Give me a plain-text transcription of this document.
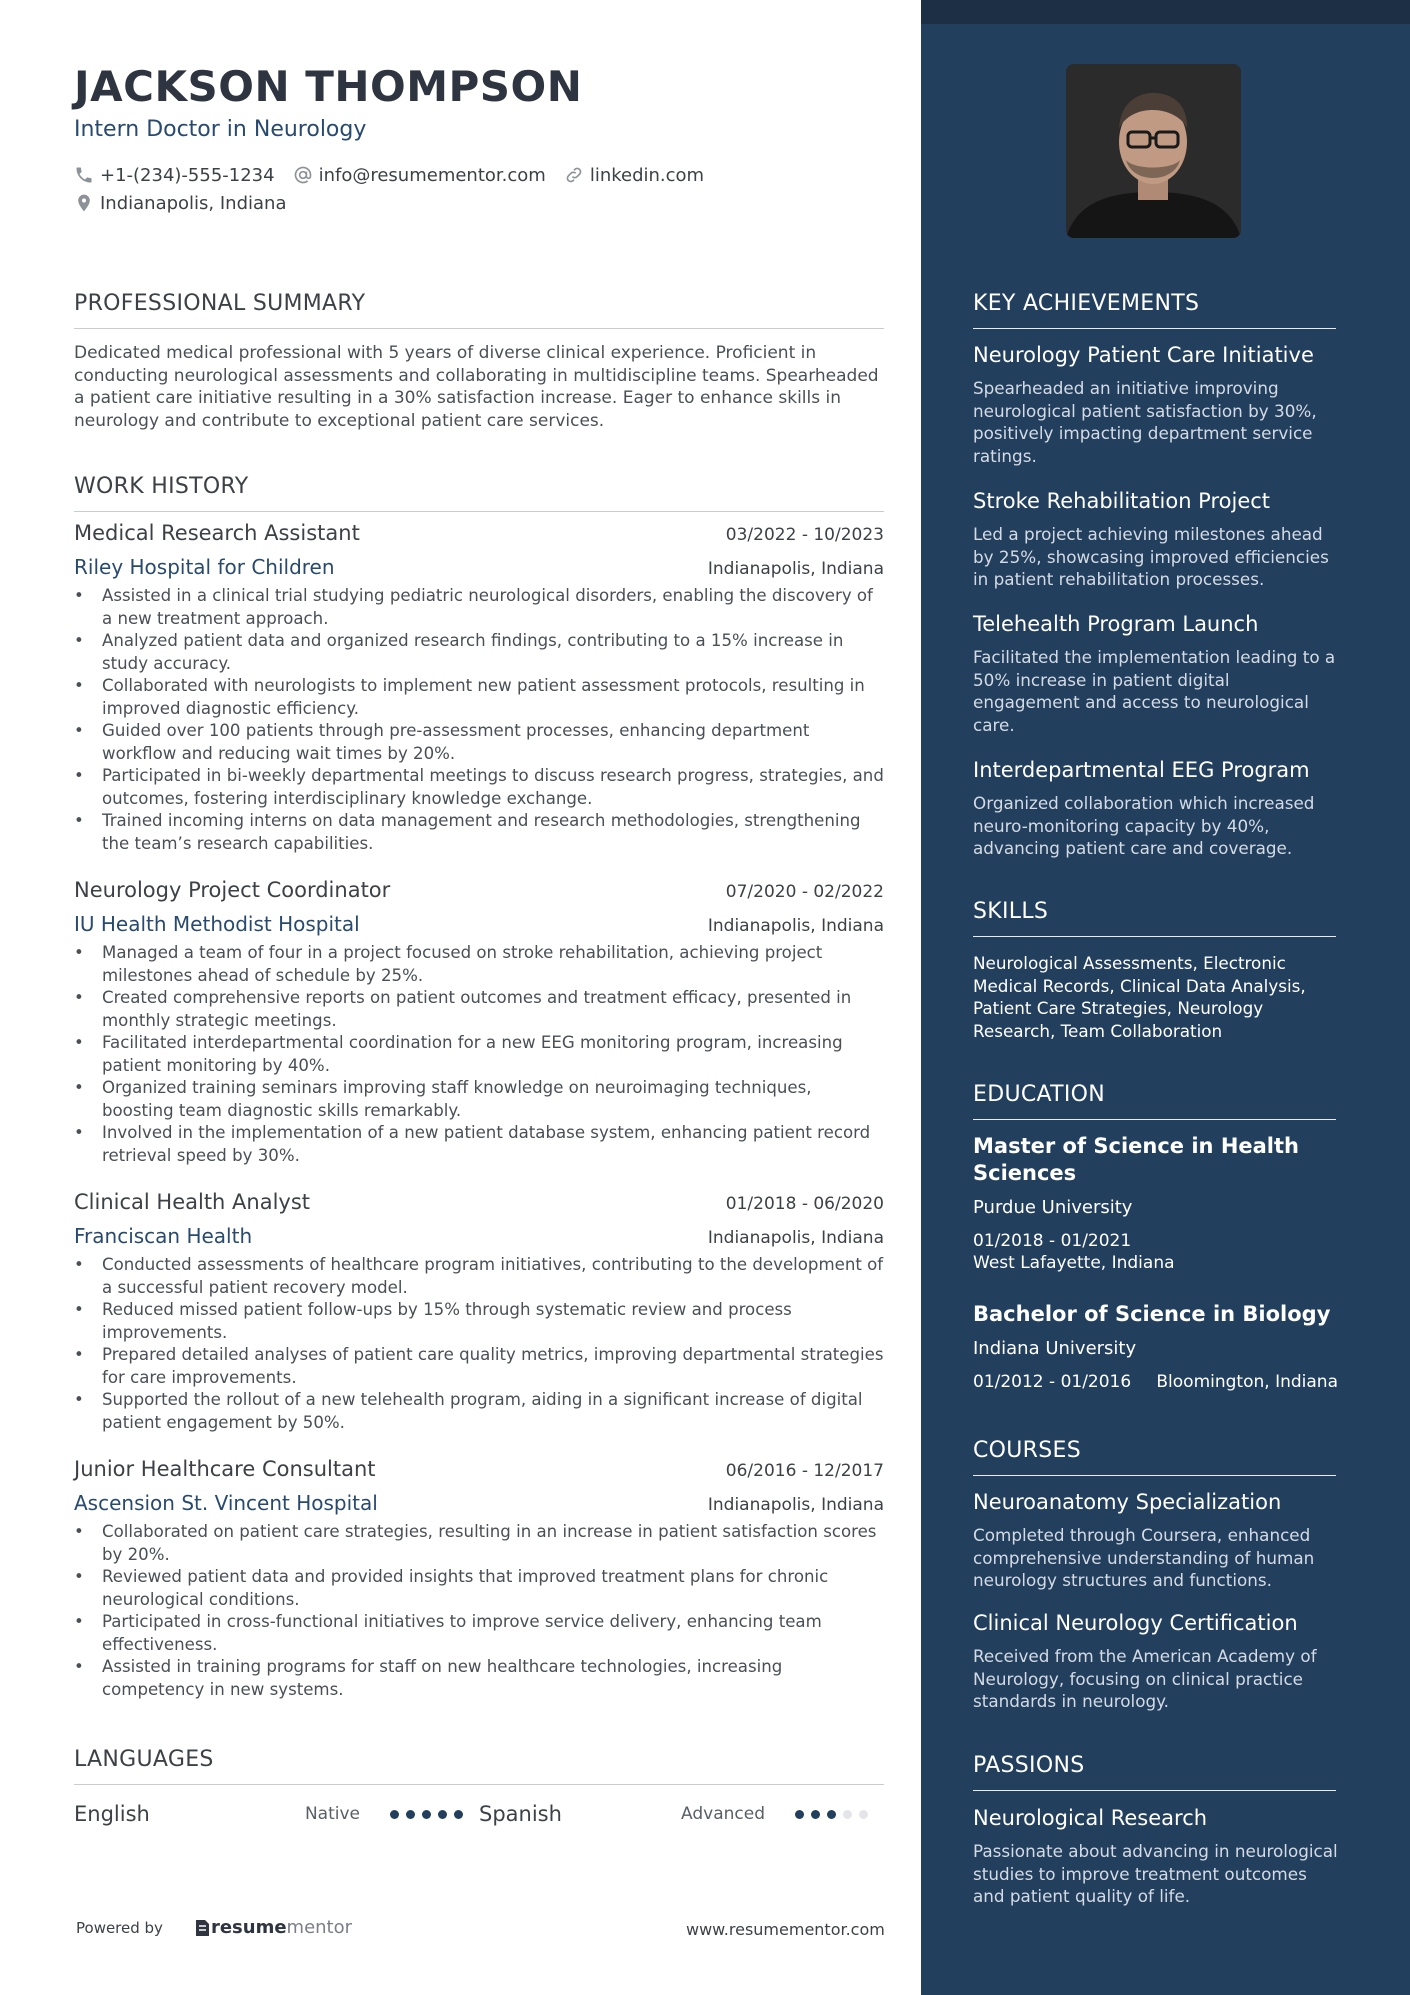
JACKSON THOMPSON
Intern Doctor in Neurology
+1-(234)-555-1234 info@resumementor.com linkedin.com
Indianapolis, Indiana
PROFESSIONAL SUMMARY
Dedicated medical professional with 5 years of diverse clinical experience. Proficient in conducting neurological assessments and collaborating in multidiscipline teams. Spearheaded a patient care initiative resulting in a 30% satisfaction increase. Eager to enhance skills in neurology and contribute to exceptional patient care services.
WORK HISTORY
Medical Research Assistant	03/2022 - 10/2023
Riley Hospital for Children	Indianapolis, Indiana
• Assisted in a clinical trial studying pediatric neurological disorders, enabling the discovery of a new treatment approach.
• Analyzed patient data and organized research findings, contributing to a 15% increase in study accuracy.
• Collaborated with neurologists to implement new patient assessment protocols, resulting in improved diagnostic efficiency.
• Guided over 100 patients through pre-assessment processes, enhancing department workflow and reducing wait times by 20%.
• Participated in bi-weekly departmental meetings to discuss research progress, strategies, and outcomes, fostering interdisciplinary knowledge exchange.
• Trained incoming interns on data management and research methodologies, strengthening the team’s research capabilities.
Neurology Project Coordinator	07/2020 - 02/2022
IU Health Methodist Hospital	Indianapolis, Indiana
• Managed a team of four in a project focused on stroke rehabilitation, achieving project milestones ahead of schedule by 25%.
• Created comprehensive reports on patient outcomes and treatment efficacy, presented in monthly strategic meetings.
• Facilitated interdepartmental coordination for a new EEG monitoring program, increasing patient monitoring by 40%.
• Organized training seminars improving staff knowledge on neuroimaging techniques, boosting team diagnostic skills remarkably.
• Involved in the implementation of a new patient database system, enhancing patient record retrieval speed by 30%.
Clinical Health Analyst	01/2018 - 06/2020
Franciscan Health	Indianapolis, Indiana
• Conducted assessments of healthcare program initiatives, contributing to the development of a successful patient recovery model.
• Reduced missed patient follow-ups by 15% through systematic review and process improvements.
• Prepared detailed analyses of patient care quality metrics, improving departmental strategies for care improvements.
• Supported the rollout of a new telehealth program, aiding in a significant increase of digital patient engagement by 50%.
Junior Healthcare Consultant	06/2016 - 12/2017
Ascension St. Vincent Hospital	Indianapolis, Indiana
• Collaborated on patient care strategies, resulting in an increase in patient satisfaction scores by 20%.
• Reviewed patient data and provided insights that improved treatment plans for chronic neurological conditions.
• Participated in cross-functional initiatives to improve service delivery, enhancing team effectiveness.
• Assisted in training programs for staff on new healthcare technologies, increasing competency in new systems.
LANGUAGES
English	Native	Spanish	Advanced
Powered by	resume mentor	www.resumementor.com
KEY ACHIEVEMENTS
Neurology Patient Care Initiative
Spearheaded an initiative improving neurological patient satisfaction by 30%, positively impacting department service ratings.
Stroke Rehabilitation Project
Led a project achieving milestones ahead by 25%, showcasing improved efficiencies in patient rehabilitation processes.
Telehealth Program Launch
Facilitated the implementation leading to a 50% increase in patient digital engagement and access to neurological care.
Interdepartmental EEG Program
Organized collaboration which increased neuro-monitoring capacity by 40%, advancing patient care and coverage.
SKILLS
Neurological Assessments, Electronic Medical Records, Clinical Data Analysis, Patient Care Strategies, Neurology Research, Team Collaboration
EDUCATION
Master of Science in Health Sciences
Purdue University
01/2018 - 01/2021
West Lafayette, Indiana
Bachelor of Science in Biology
Indiana University
01/2012 - 01/2016 Bloomington, Indiana
COURSES
Neuroanatomy Specialization
Completed through Coursera, enhanced comprehensive understanding of human neurology structures and functions.
Clinical Neurology Certification
Received from the American Academy of Neurology, focusing on clinical practice standards in neurology.
PASSIONS
Neurological Research
Passionate about advancing in neurological studies to improve treatment outcomes and patient quality of life.
